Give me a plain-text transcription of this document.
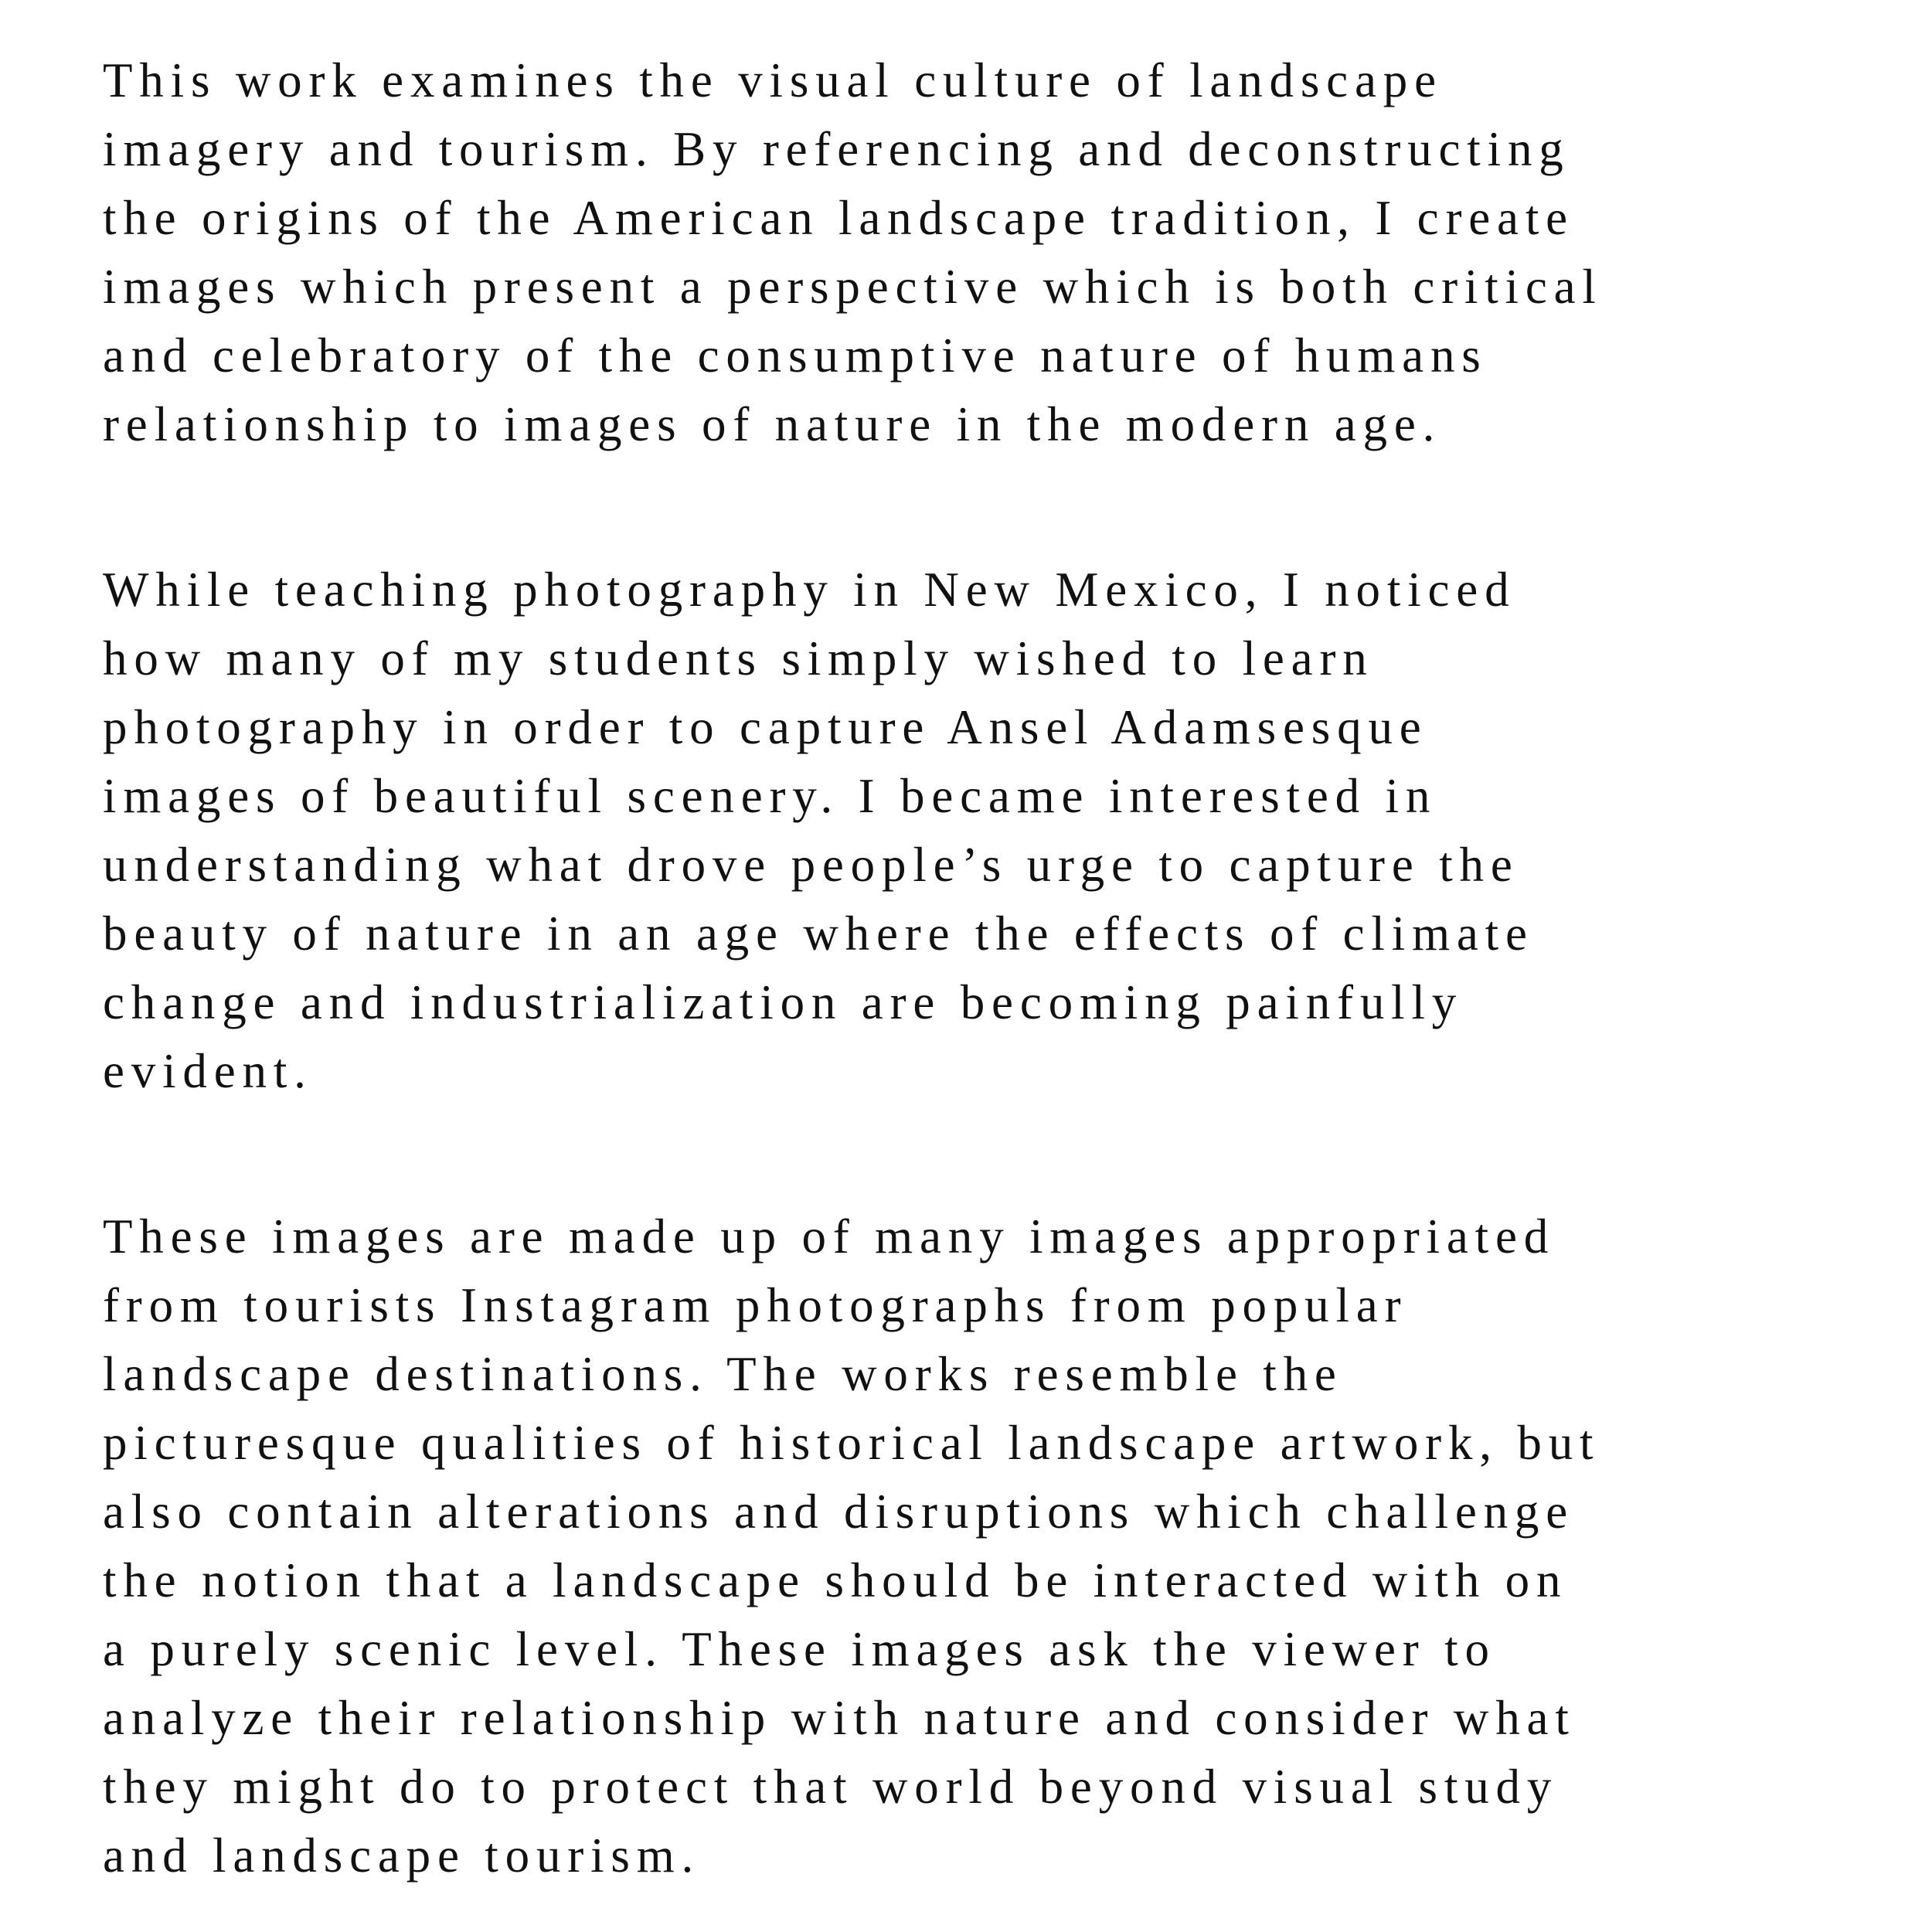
This work examines the visual culture of landscape
imagery and tourism. By referencing and deconstructing
the origins of the American landscape tradition, I create
images which present a perspective which is both critical
and celebratory of the consumptive nature of humans
relationship to images of nature in the modern age.

While teaching photography in New Mexico, I noticed
how many of my students simply wished to learn
photography in order to capture Ansel Adamsesque
images of beautiful scenery. I became interested in
understanding what drove people’s urge to capture the
beauty of nature in an age where the effects of climate
change and industrialization are becoming painfully
evident.

These images are made up of many images appropriated
from tourists Instagram photographs from popular
landscape destinations. The works resemble the
picturesque qualities of historical landscape artwork, but
also contain alterations and disruptions which challenge
the notion that a landscape should be interacted with on
a purely scenic level. These images ask the viewer to
analyze their relationship with nature and consider what
they might do to protect that world beyond visual study
and landscape tourism.
